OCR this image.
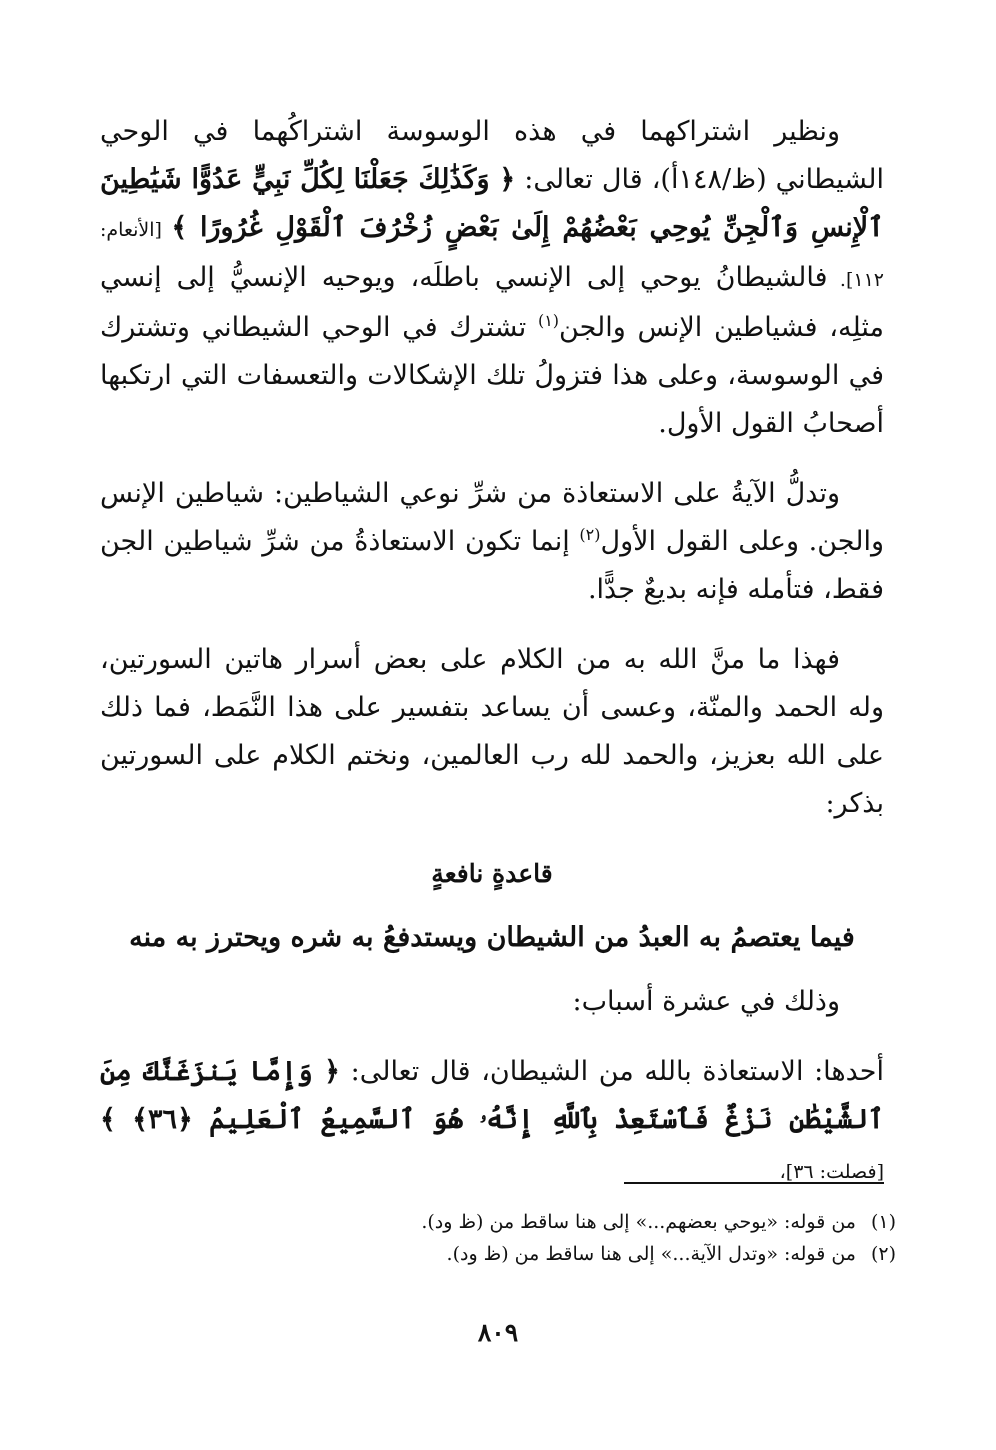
ونظير اشتراكهما في هذه الوسوسة اشتراكُهما في الوحي الشيطاني (ظ/١٤٨أ)، قال تعالى: ﴿ وَكَذَٰلِكَ جَعَلْنَا لِكُلِّ نَبِيٍّ عَدُوًّا شَيَٰطِينَ ٱلْإِنسِ وَٱلْجِنِّ يُوحِي بَعْضُهُمْ إِلَىٰ بَعْضٍ زُخْرُفَ ٱلْقَوْلِ غُرُورًا ﴾ [الأنعام: ١١٢]. فالشيطانُ يوحي إلى الإنسي باطلَه، ويوحيه الإنسيُّ إلى إنسي مثلِه، فشياطين الإنس والجن$^{(١)}$ تشترك في الوحي الشيطاني وتشترك في الوسوسة، وعلى هذا فتزولُ تلك الإشكالات والتعسفات التي ارتكبها أصحابُ القول الأول.

وتدلُّ الآيةُ على الاستعاذة من شرِّ نوعي الشياطين: شياطين الإنس والجن. وعلى القول الأول$^{(٢)}$ إنما تكون الاستعاذةُ من شرِّ شياطين الجن فقط، فتأمله فإنه بديعٌ جدًّا.

فهذا ما منَّ الله به من الكلام على بعض أسرار هاتين السورتين، وله الحمد والمنّة، وعسى أن يساعد بتفسير على هذا النَّمَط، فما ذلك على الله بعزيز، والحمد لله رب العالمين، ونختم الكلام على السورتين بذكر:

قاعدةٍ نافعةٍ

فيما يعتصمُ به العبدُ من الشيطان ويستدفعُ به شره ويحترز به منه

وذلك في عشرة أسباب:

أحدها: الاستعاذة بالله من الشيطان، قال تعالى: ﴿ وَإِمَّا يَنزَغَنَّكَ مِنَ ٱلشَّيْطَٰنِ نَزْغٌ فَٱسْتَعِذْ بِٱللَّهِ إِنَّهُۥ هُوَ ٱلسَّمِيعُ ٱلْعَلِيمُ ﴿٣٦﴾ ﴾ [فصلت: ٣٦]،

(١)من قوله: «يوحي بعضهم...» إلى هنا ساقط من (ظ ود).

(٢)من قوله: «وتدل الآية...» إلى هنا ساقط من (ظ ود).

٨٠٩
